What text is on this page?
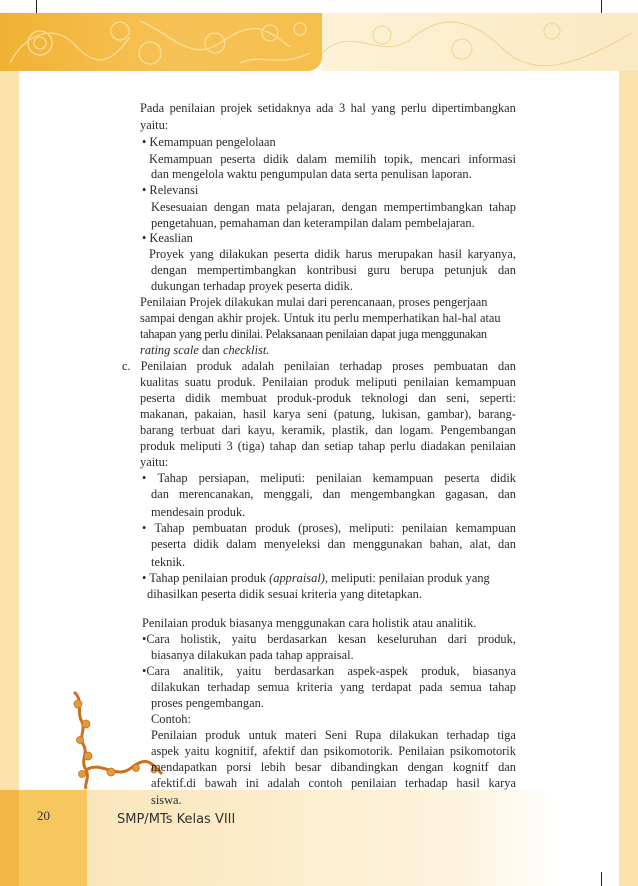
20	SMP/MTs Kelas VIII
Pada penilaian projek setidaknya ada 3 hal yang perlu dipertimbangkan
yaitu:
• Kemampuan pengelolaan
Kemampuan peserta didik dalam memilih topik, mencari informasi
dan mengelola waktu pengumpulan data serta penulisan laporan.
• Relevansi
Kesesuaian dengan mata pelajaran, dengan mempertimbangkan tahap
pengetahuan, pemahaman dan keterampilan dalam pembelajaran.
• Keaslian
Proyek yang dilakukan peserta didik harus merupakan hasil karyanya,
dengan mempertimbangkan kontribusi guru berupa petunjuk dan
dukungan terhadap proyek peserta didik.
Penilaian Projek dilakukan mulai dari perencanaan, proses pengerjaan
sampai dengan akhir projek. Untuk itu perlu memperhatikan hal-hal atau
tahapan yang perlu dinilai. Pelaksanaan penilaian dapat juga menggunakan
rating scale dan checklist.
c. Penilaian produk adalah penilaian terhadap proses pembuatan dan
kualitas suatu produk. Penilaian produk meliputi penilaian kemampuan
peserta didik membuat produk-produk teknologi dan seni, seperti:
makanan, pakaian, hasil karya seni (patung, lukisan, gambar), barang-
barang terbuat dari kayu, keramik, plastik, dan logam. Pengembangan
produk meliputi 3 (tiga) tahap dan setiap tahap perlu diadakan penilaian
yaitu:
• Tahap persiapan, meliputi: penilaian kemampuan peserta didik
dan merencanakan, menggali, dan mengembangkan gagasan, dan
mendesain produk.
• Tahap pembuatan produk (proses), meliputi: penilaian kemampuan
peserta didik dalam menyeleksi dan menggunakan bahan, alat, dan
teknik.
• Tahap penilaian produk (appraisal), meliputi: penilaian produk yang
dihasilkan peserta didik sesuai kriteria yang ditetapkan.
Penilaian produk biasanya menggunakan cara holistik atau analitik.
•Cara holistik, yaitu berdasarkan kesan keseluruhan dari produk,
biasanya dilakukan pada tahap appraisal.
•Cara analitik, yaitu berdasarkan aspek-aspek produk, biasanya
dilakukan terhadap semua kriteria yang terdapat pada semua tahap
proses pengembangan.
Contoh:
Penilaian produk untuk materi Seni Rupa dilakukan terhadap tiga
aspek yaitu kognitif, afektif dan psikomotorik. Penilaian psikomotorik
mendapatkan porsi lebih besar dibandingkan dengan kognitf dan
afektif.di bawah ini adalah contoh penilaian terhadap hasil karya
siswa.
